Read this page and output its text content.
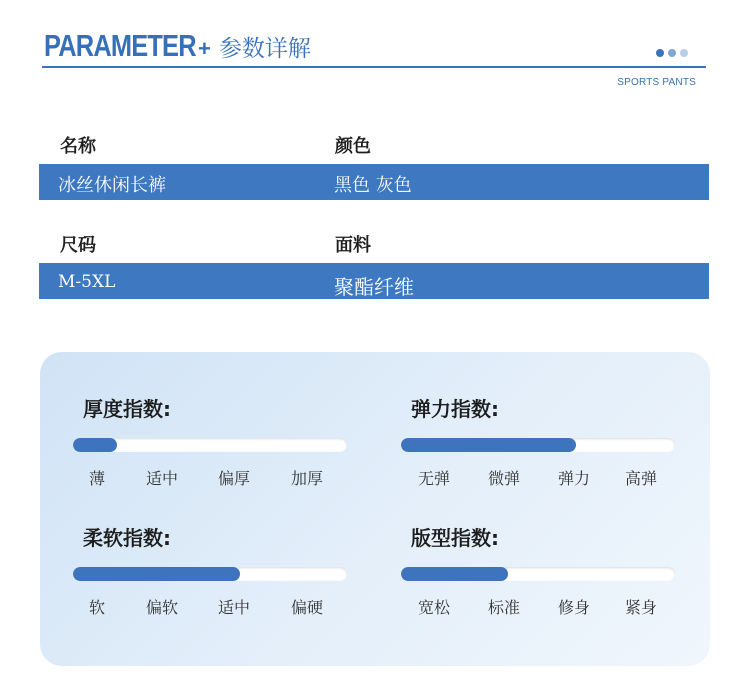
PARAMETER + 参数详解
SPORTS PANTS
名称	颜色
冰丝休闲长裤	黑色 灰色
尺码	面料
M-5XL	聚酯纤维
厚度指数:
薄	适中	偏厚	加厚
弹力指数:
无弹	微弹	弹力	高弹
柔软指数:
软	偏软	适中	偏硬
版型指数:
宽松	标准	修身	紧身
